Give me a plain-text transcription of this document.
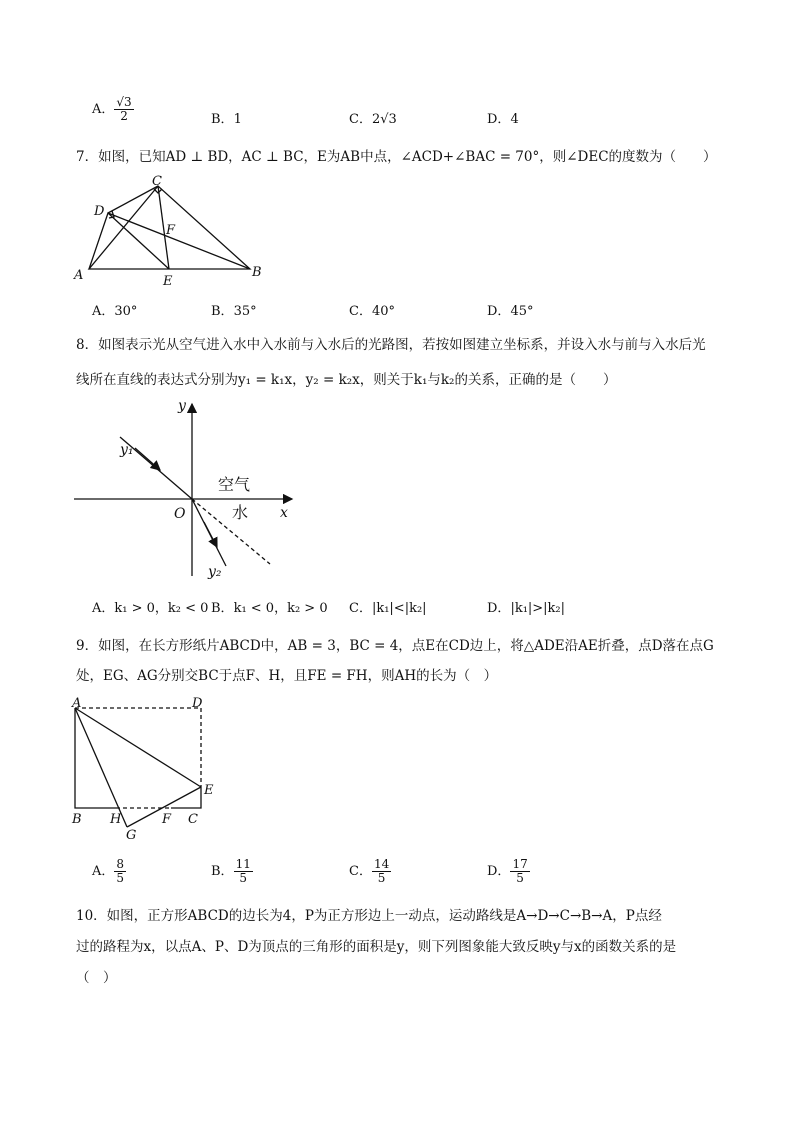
A． $\frac{√3}{2}$	B．1	C．2√3	D．4
7．如图，已知AD ⊥ BD，AC ⊥ BC，E为AB中点，∠ACD+∠BAC = 70°，则∠DEC的度数为（　　）
C
D
F
A	B
E
A．30°	B．35°	C．40°	D．45°
8．如图表示光从空气进入水中入水前与入水后的光路图，若按如图建立坐标系，并设入水与前与入水后光
线所在直线的表达式分别为y₁ = k₁x，y₂ = k₂x，则关于k₁与k₂的关系，正确的是（　　）
y
x
O
y₁
y₂
空气
水
A．k₁ > 0，k₂ < 0 B．k₁ < 0，k₂ > 0 C．|k₁|<|k₂|	D．|k₁|>|k₂|
9．如图，在长方形纸片ABCD中，AB = 3，BC = 4，点E在CD边上，将△ADE沿AE折叠，点D落在点G
处，EG、AG分别交BC于点F、H，且FE = FH，则AH的长为（　）
A	D
E
B H	F C
G
A． $\frac{8}{5}$	B． $\frac{11}{5}$	C． $\frac{14}{5}$	D． $\frac{17}{5}$
10．如图，正方形ABCD的边长为4，P为正方形边上一动点，运动路线是A→D→C→B→A，P点经
过的路程为x，以点A、P、D为顶点的三角形的面积是y，则下列图象能大致反映y与x的函数关系的是
（　）
